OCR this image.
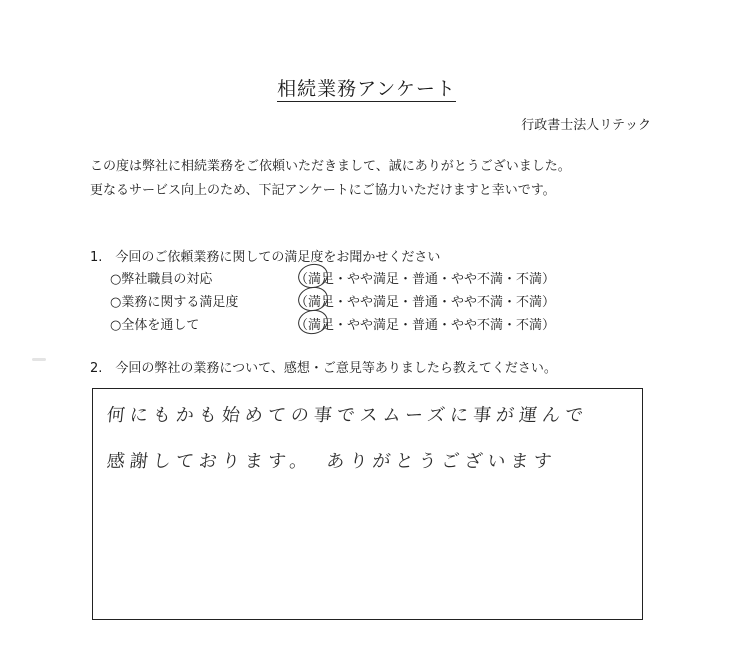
相続業務アンケート
行政書士法人リテック
この度は弊社に相続業務をご依頼いただきまして、誠にありがとうございました。
更なるサービス向上のため、下記アンケートにご協力いただけますと幸いです。
1.　今回のご依頼業務に関しての満足度をお聞かせください
○弊社職員の対応	（満足・やや満足・普通・やや不満・不満）
○業務に関する満足度	（満足・やや満足・普通・やや不満・不満）
○全体を通して	（満足・やや満足・普通・やや不満・不満）
2.　今回の弊社の業務について、感想・ご意見等ありましたら教えてください。
何にもかも始めての事でスムーズに事が運んで
感謝しております。　ありがとうございます
